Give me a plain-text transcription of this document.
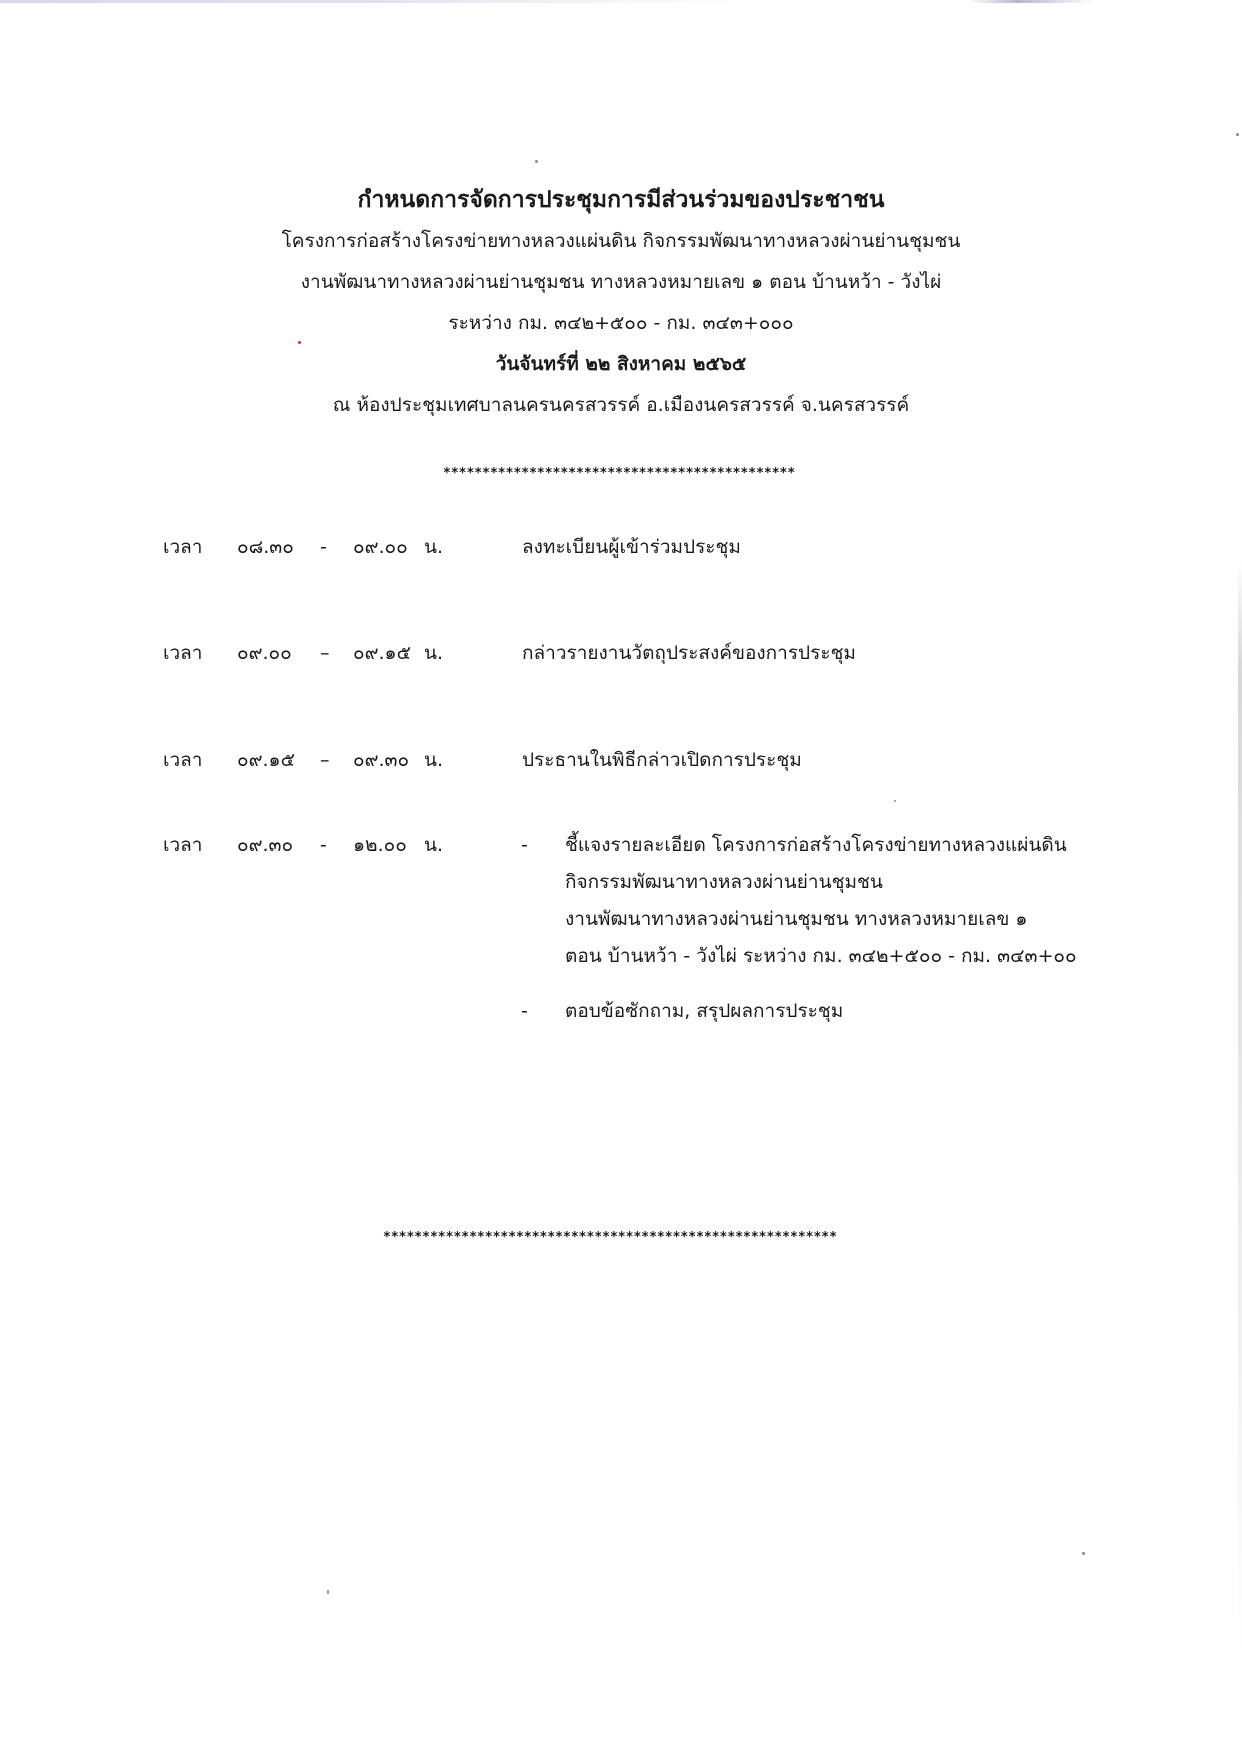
กำหนดการจัดการประชุมการมีส่วนร่วมของประชาชน

โครงการก่อสร้างโครงข่ายทางหลวงแผ่นดิน กิจกรรมพัฒนาทางหลวงผ่านย่านชุมชน

งานพัฒนาทางหลวงผ่านย่านชุมชน ทางหลวงหมายเลข ๑ ตอน บ้านหว้า - วังไผ่

ระหว่าง กม. ๓๔๒+๕๐๐ - กม. ๓๔๓+๐๐๐

วันจันทร์ที่ ๒๒ สิงหาคม ๒๕๖๕

ณ ห้องประชุมเทศบาลนครนครสวรรค์ อ.เมืองนครสวรรค์ จ.นครสวรรค์

*********************************************
เวลา ๐๘.๓๐ - ๐๙.๐๐ น.	ลงทะเบียนผู้เข้าร่วมประชุม
เวลา ๐๙.๐๐ – ๐๙.๑๕ น.	กล่าวรายงานวัตถุประสงค์ของการประชุม
เวลา ๐๙.๑๕ – ๐๙.๓๐ น.	ประธานในพิธีกล่าวเปิดการประชุม
เวลา ๐๙.๓๐ - ๑๒.๐๐ น.	- ชี้แจงรายละเอียด โครงการก่อสร้างโครงข่ายทางหลวงแผ่นดิน
กิจกรรมพัฒนาทางหลวงผ่านย่านชุมชน
งานพัฒนาทางหลวงผ่านย่านชุมชน ทางหลวงหมายเลข ๑
ตอน บ้านหว้า - วังไผ่ ระหว่าง กม. ๓๔๒+๕๐๐ - กม. ๓๔๓+๐๐
- ตอบข้อซักถาม, สรุปผลการประชุม
**********************************************************
